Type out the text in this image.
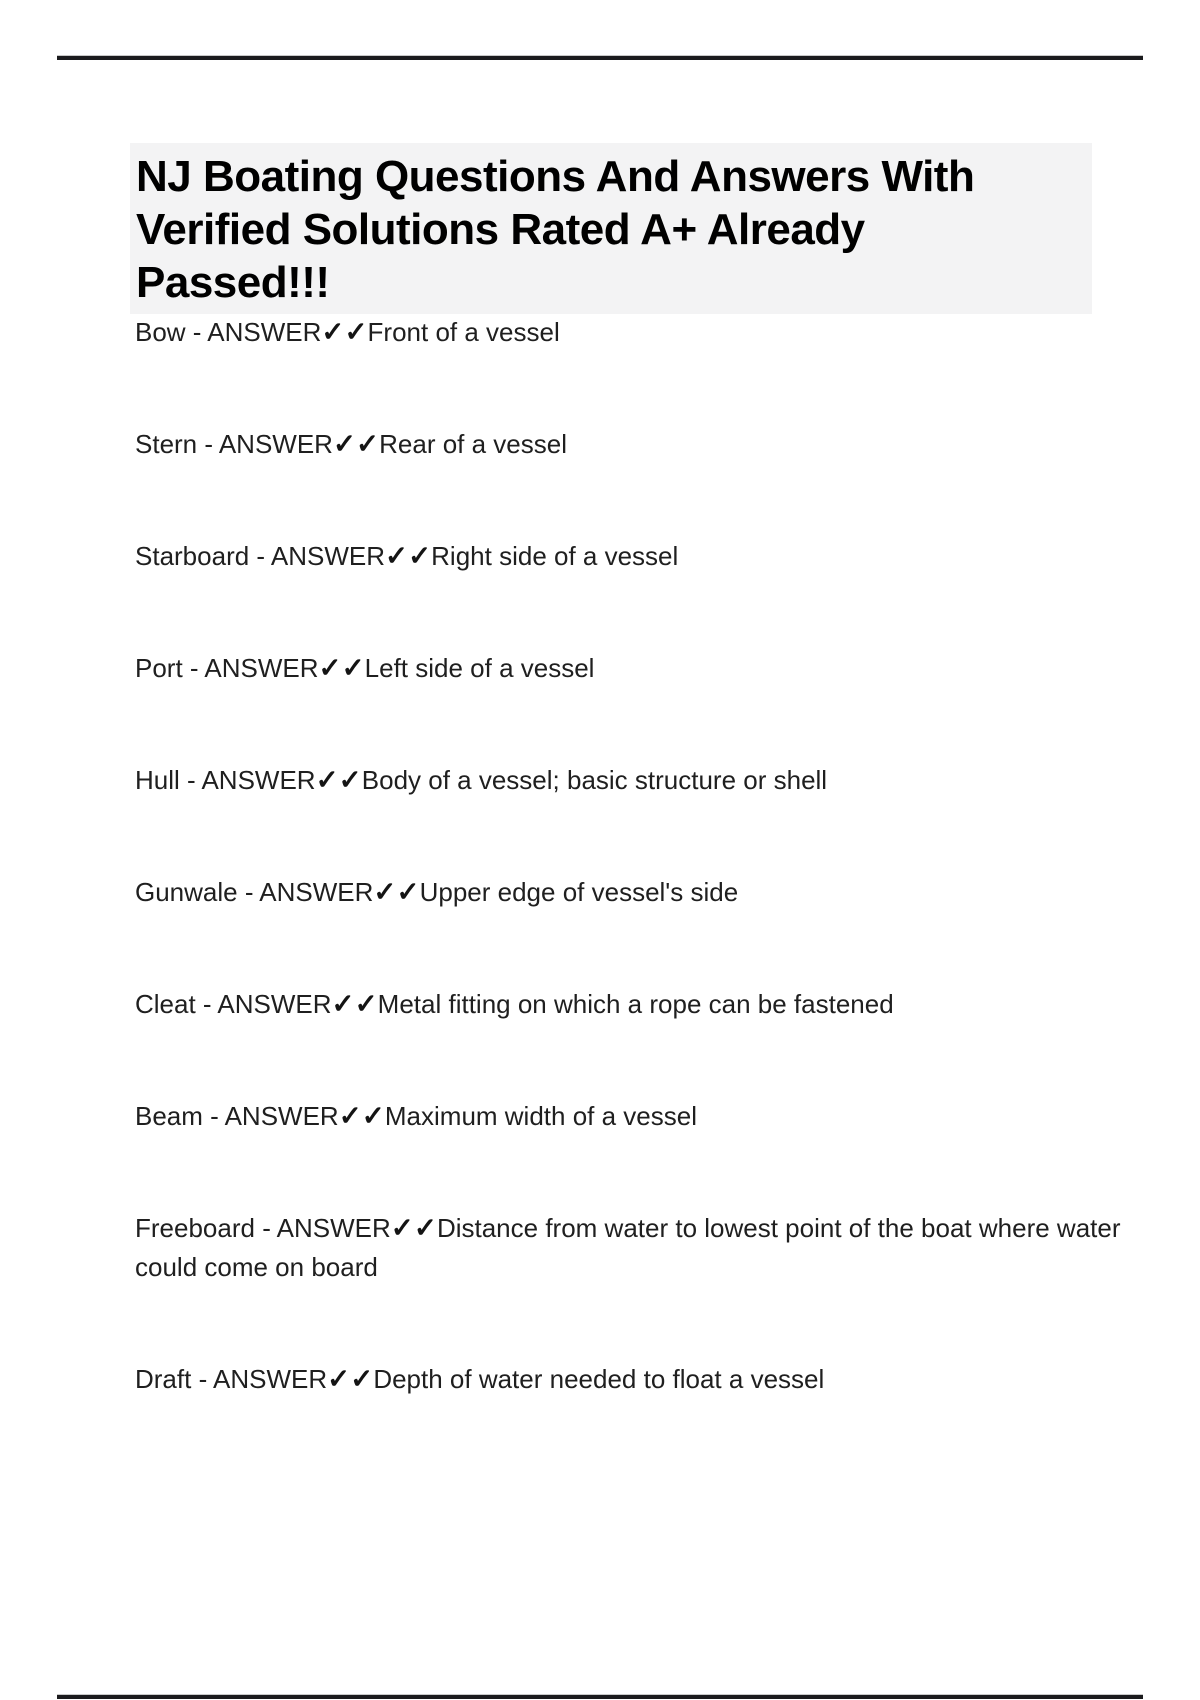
NJ Boating Questions And Answers With
Verified Solutions Rated A+ Already
Passed!!!

Bow - ANSWER✓✓Front of a vessel

Stern - ANSWER✓✓Rear of a vessel

Starboard - ANSWER✓✓Right side of a vessel

Port - ANSWER✓✓Left side of a vessel

Hull - ANSWER✓✓Body of a vessel; basic structure or shell

Gunwale - ANSWER✓✓Upper edge of vessel's side

Cleat - ANSWER✓✓Metal fitting on which a rope can be fastened

Beam - ANSWER✓✓Maximum width of a vessel

Freeboard - ANSWER✓✓Distance from water to lowest point of the boat where water could come on board

Draft - ANSWER✓✓Depth of water needed to float a vessel
